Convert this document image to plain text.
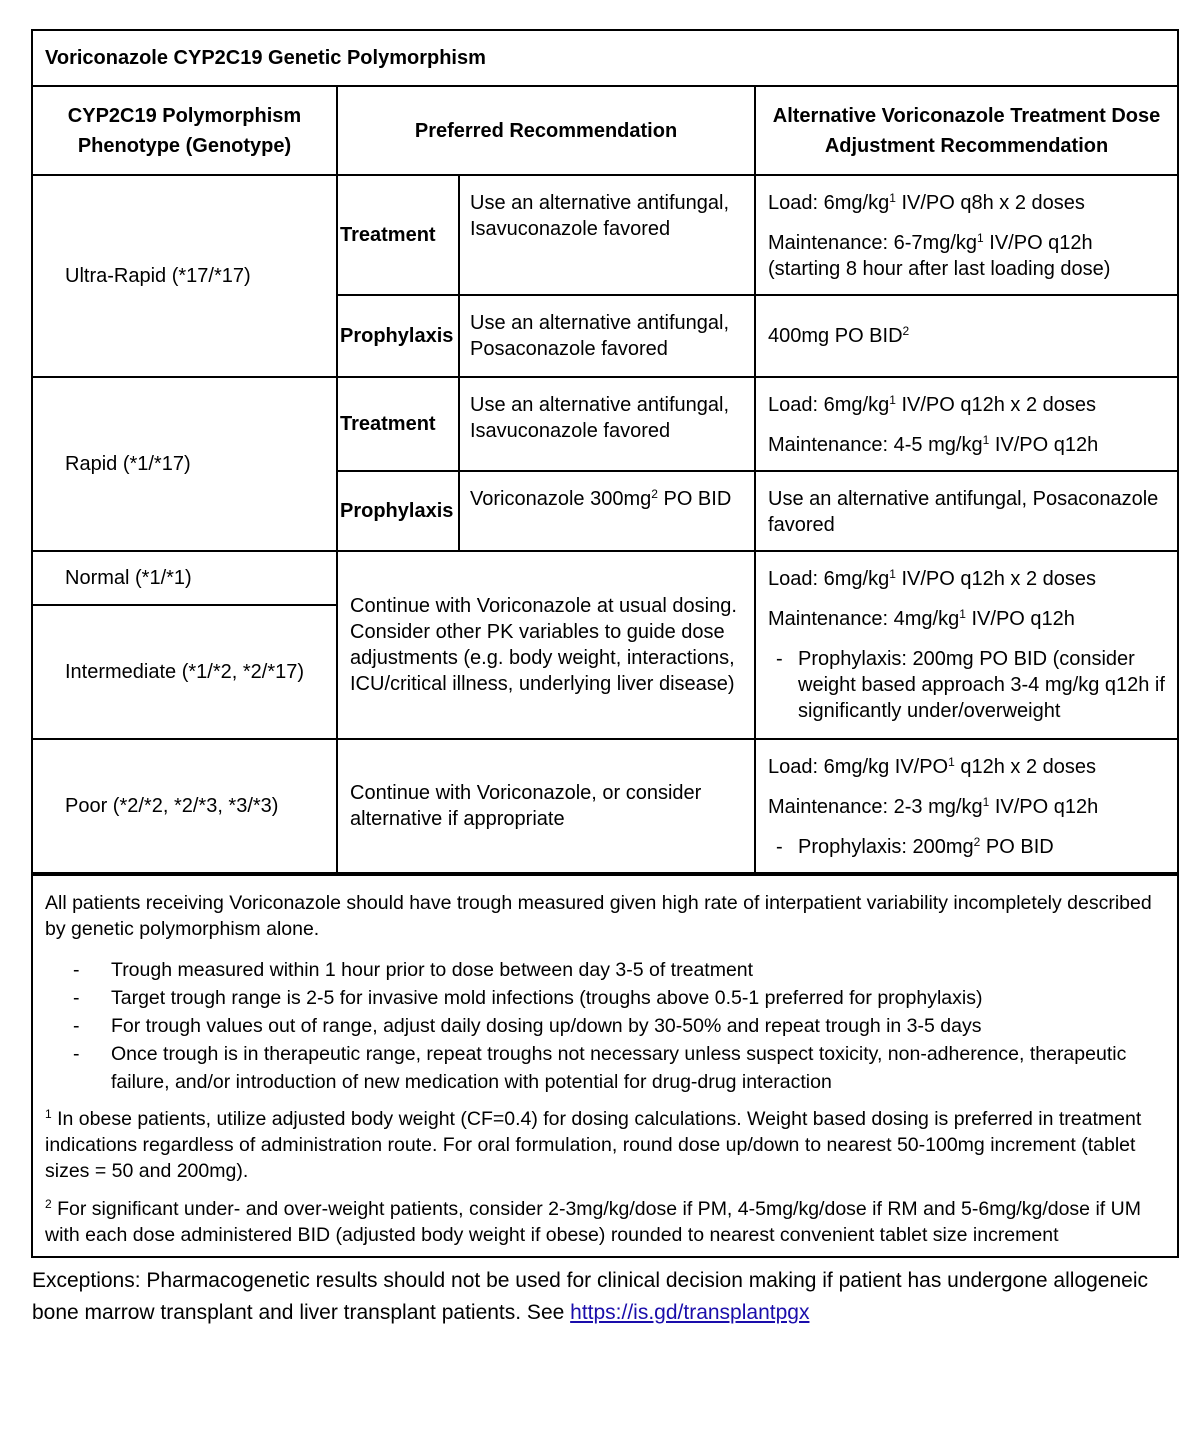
Voriconazole CYP2C19 Genetic Polymorphism
CYP2C19 Polymorphism Phenotype (Genotype)	Preferred Recommendation		Alternative Voriconazole Treatment Dose Adjustment Recommendation
Ultra-Rapid (*17/*17)	Treatment	Use an alternative antifungal, Isavuconazole favored	Load: $6mg/kg^1$ IV/PO q8h x 2 doses

Maintenance: $6-7mg/kg^1$ IV/PO q12h (starting 8 hour after last loading dose)

	Prophylaxis	Use an alternative antifungal, Posaconazole favored	400mg PO BID$^2$
Rapid (*1/*17)	Treatment	Use an alternative antifungal, Isavuconazole favored	Load: $6mg/kg^1$ IV/PO q12h x 2 doses

Maintenance: 4-5 $mg/kg^1$ IV/PO q12h

	Prophylaxis	Voriconazole $300mg^2$ PO BID	Use an alternative antifungal, Posaconazole favored
Normal (*1/*1)	Continue with Voriconazole at usual dosing. Consider other PK variables to guide dose adjustments (e.g. body weight, interactions, ICU/critical illness, underlying liver disease)		Load: $6mg/kg^1$ IV/PO q12h x 2 doses

Maintenance: $4mg/kg^1$ IV/PO q12h

- Prophylaxis: 200mg PO BID (consider weight based approach 3-4 mg/kg q12h if significantly under/overweight

Intermediate (*1/*2, *2/*17)			
Poor (*2/*2, *2/*3, *3/*3)	Continue with Voriconazole, or consider alternative if appropriate		Load: 6mg/kg $IV/PO^1$ q12h x 2 doses

Maintenance: 2-3 $mg/kg^1$ IV/PO q12h

- Prophylaxis: $200mg^2$ PO BID

All patients receiving Voriconazole should have trough measured given high rate of interpatient variability incompletely described by genetic polymorphism alone.

-	Trough measured within 1 hour prior to dose between day 3-5 of treatment
-	Target trough range is 2-5 for invasive mold infections (troughs above 0.5-1 preferred for prophylaxis)
-	For trough values out of range, adjust daily dosing up/down by 30-50% and repeat trough in 3-5 days
-	Once trough is in therapeutic range, repeat troughs not necessary unless suspect toxicity, non-adherence, therapeutic failure, and/or introduction of new medication with potential for drug-drug interaction

$^1$ In obese patients, utilize adjusted body weight (CF=0.4) for dosing calculations. Weight based dosing is preferred in treatment indications regardless of administration route. For oral formulation, round dose up/down to nearest 50-100mg increment (tablet sizes = 50 and 200mg).

$^2$ For significant under- and over-weight patients, consider 2-3mg/kg/dose if PM, 4-5mg/kg/dose if RM and 5-6mg/kg/dose if UM with each dose administered BID (adjusted body weight if obese) rounded to nearest convenient tablet size increment

Exceptions: Pharmacogenetic results should not be used for clinical decision making if patient has undergone allogeneic
bone marrow transplant and liver transplant patients. See https://is.gd/transplantpgx
